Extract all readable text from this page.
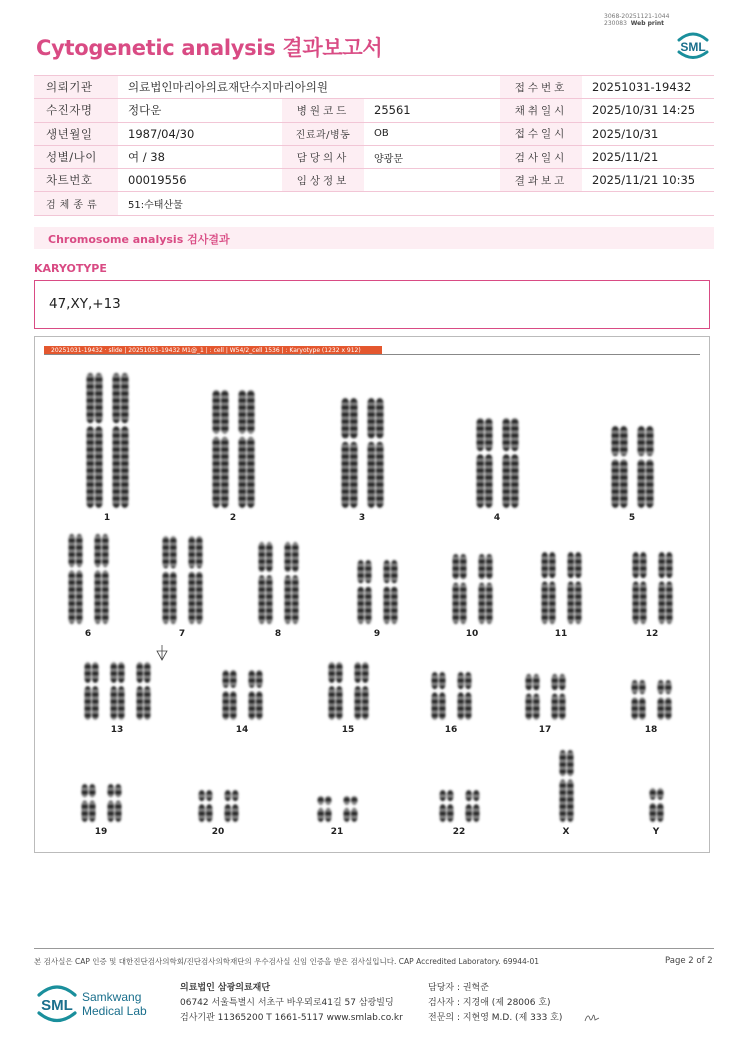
3068-20251121-1044
230083 Web print
SML
Cytogenetic analysis 결과보고서
의뢰기관	의료법인마리아의료재단수지마리아의원			접수번호	20251031-19432
수진자명	정다운	병원코드	25561	채취일시	2025/10/31 14:25
생년월일	1987/04/30	진료과/병동	OB	접수일시	2025/10/31
성별/나이	여 / 38	담당의사	양광문	검사일시	2025/11/21
차트번호	00019556	임상정보		결과보고	2025/11/21 10:35
검체종류	51:수태산물				
Chromosome analysis 검사결과
KARYOTYPE
47,XY,+13
20251031-19432 · slide | 20251031-19432 M1@_1 | : cell | W54/2_cell 1536 | : Karyotype (1232 x 912)
1	2	3	4	5
6	7	8	9	10	11	12
13	14	15	16	17	18
19	20	21	22	X	Y
본 검사실은 CAP 인증 및 대한진단검사의학회/진단검사의학재단의 우수검사실 신임 인증을 받은 검사실입니다. CAP Accredited Laboratory. 69944-01	Page 2 of 2
SML Samkwang
Medical Lab
의료법인 삼광의료재단
06742 서울특별시 서초구 바우뫼로41길 57 삼광빌딩
검사기관 11365200 T 1661-5117 www.smlab.co.kr
담당자 : 권혁준
검사자 : 지경애 (제 28006 호)
전문의 : 지현영 M.D. (제 333 호)
